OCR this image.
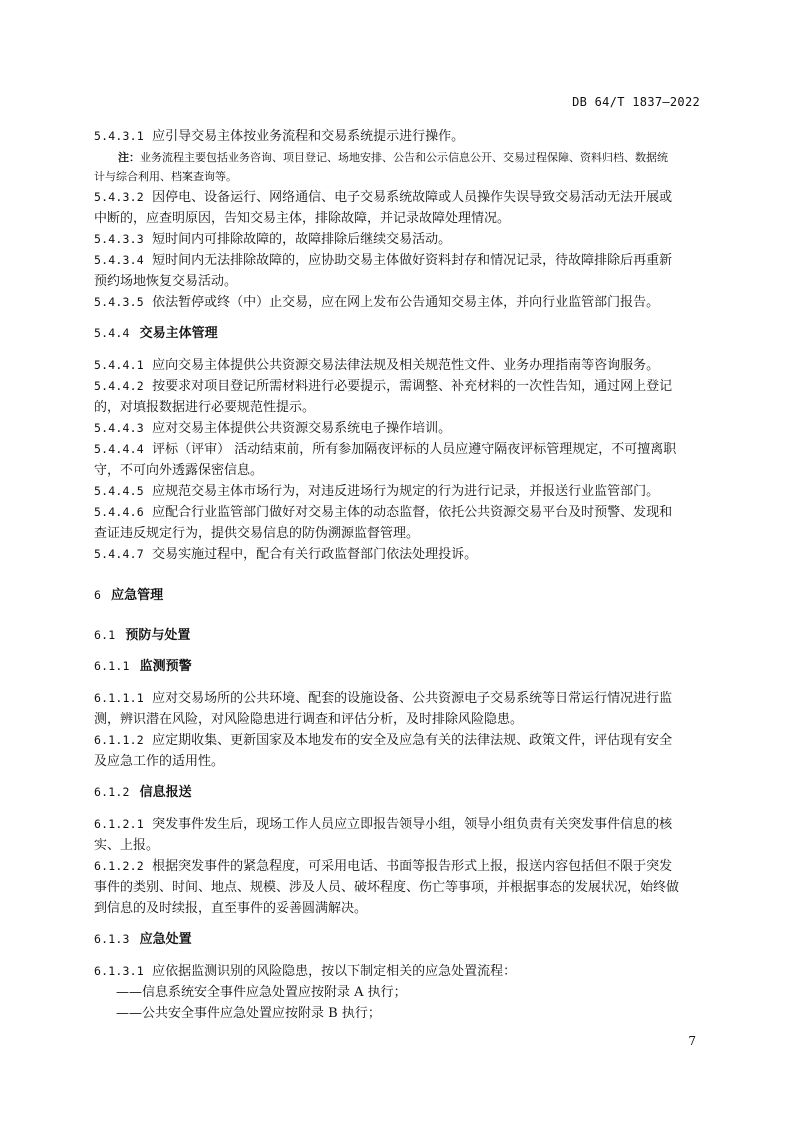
DB 64/T 1837—2022

5.4.3.1 应引导交易主体按业务流程和交易系统提示进行操作。

注：业务流程主要包括业务咨询、项目登记、场地安排、公告和公示信息公开、交易过程保障、资料归档、数据统

计与综合利用、档案查询等。

5.4.3.2 因停电、设备运行、网络通信、电子交易系统故障或人员操作失误导致交易活动无法开展或

中断的，应查明原因，告知交易主体，排除故障，并记录故障处理情况。

5.4.3.3 短时间内可排除故障的，故障排除后继续交易活动。

5.4.3.4 短时间内无法排除故障的，应协助交易主体做好资料封存和情况记录，待故障排除后再重新

预约场地恢复交易活动。

5.4.3.5 依法暂停或终（中）止交易，应在网上发布公告通知交易主体，并向行业监管部门报告。

5.4.4 交易主体管理

5.4.4.1 应向交易主体提供公共资源交易法律法规及相关规范性文件、业务办理指南等咨询服务。

5.4.4.2 按要求对项目登记所需材料进行必要提示，需调整、补充材料的一次性告知，通过网上登记

的，对填报数据进行必要规范性提示。

5.4.4.3 应对交易主体提供公共资源交易系统电子操作培训。

5.4.4.4 评标（评审） 活动结束前，所有参加隔夜评标的人员应遵守隔夜评标管理规定，不可擅离职

守，不可向外透露保密信息。

5.4.4.5 应规范交易主体市场行为，对违反进场行为规定的行为进行记录，并报送行业监管部门。

5.4.4.6 应配合行业监管部门做好对交易主体的动态监督，依托公共资源交易平台及时预警、发现和

查证违反规定行为，提供交易信息的防伪溯源监督管理。

5.4.4.7 交易实施过程中，配合有关行政监督部门依法处理投诉。

6 应急管理

6.1 预防与处置

6.1.1 监测预警

6.1.1.1 应对交易场所的公共环境、配套的设施设备、公共资源电子交易系统等日常运行情况进行监

测，辨识潜在风险，对风险隐患进行调查和评估分析，及时排除风险隐患。

6.1.1.2 应定期收集、更新国家及本地发布的安全及应急有关的法律法规、政策文件，评估现有安全

及应急工作的适用性。

6.1.2 信息报送

6.1.2.1 突发事件发生后，现场工作人员应立即报告领导小组，领导小组负责有关突发事件信息的核

实、上报。

6.1.2.2 根据突发事件的紧急程度，可采用电话、书面等报告形式上报，报送内容包括但不限于突发

事件的类别、时间、地点、规模、涉及人员、破坏程度、伤亡等事项，并根据事态的发展状况，始终做

到信息的及时续报，直至事件的妥善圆满解决。

6.1.3 应急处置

6.1.3.1 应依据监测识别的风险隐患，按以下制定相关的应急处置流程：

——信息系统安全事件应急处置应按附录 A 执行；

——公共安全事件应急处置应按附录 B 执行；

7
